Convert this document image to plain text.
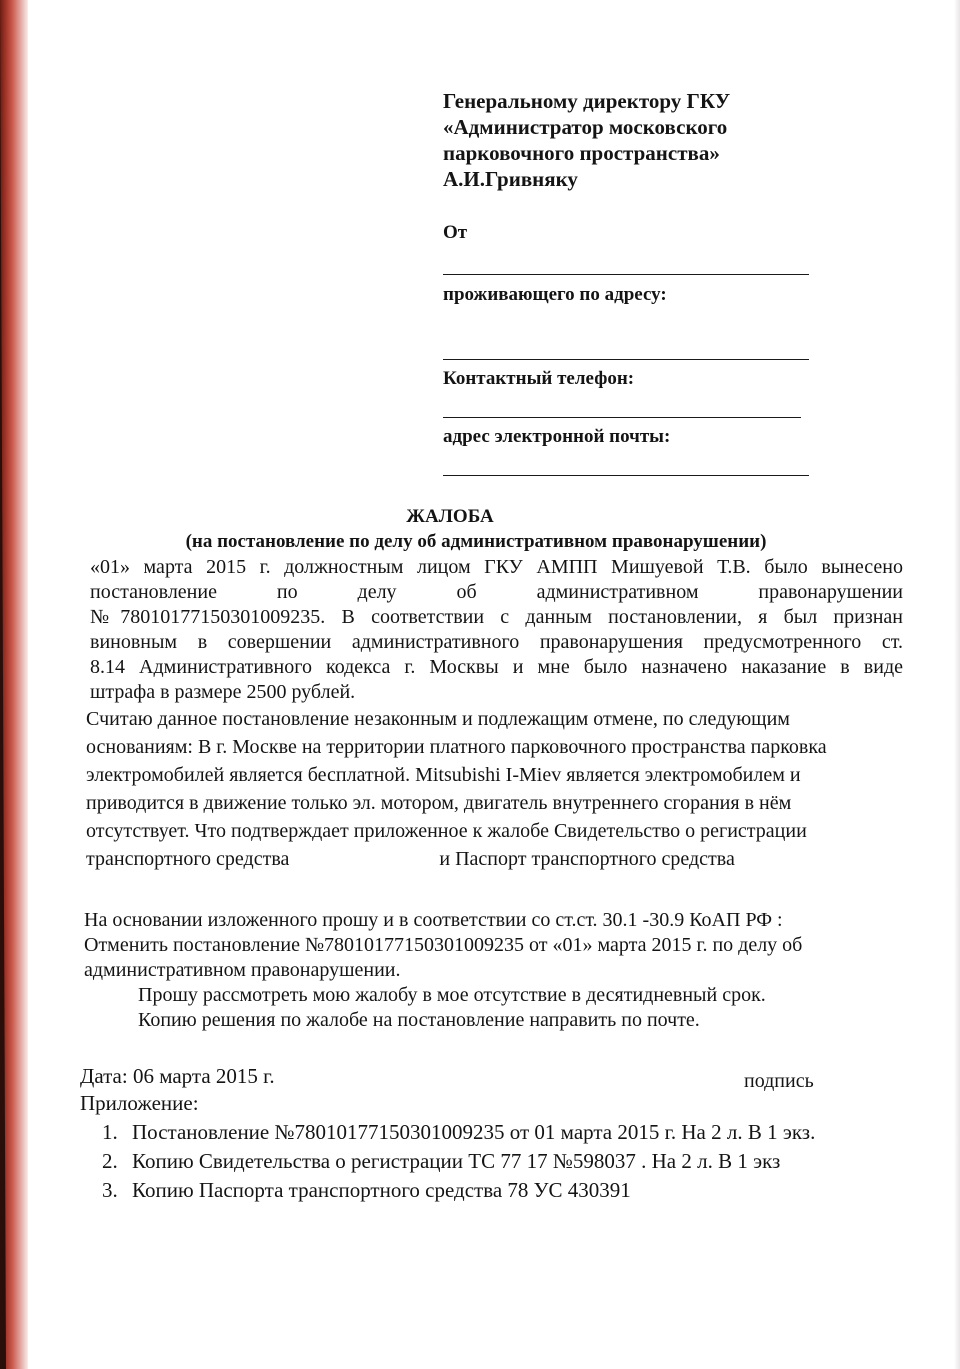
Генеральному директору ГКУ
«Администратор московского
парковочного пространства»
А.И.Гривняку
От
проживающего по адресу:
Контактный телефон:
адрес электронной почты:
ЖАЛОБА
(на постановление по делу об административном правонарушении)
«01» марта 2015 г. должностным лицом ГКУ АМПП Мишуевой Т.В. было вынесено
постановление по делу об административном правонарушении
№78010177150301009235. В соответствии с данным постановлении, я был признан
виновным в совершении административного правонарушения предусмотренного ст.
8.14 Административного кодекса г. Москвы и мне было назначено наказание в виде
штрафа в размере 2500 рублей.
Считаю данное постановление незаконным и подлежащим отмене, по следующим
основаниям: В г. Москве на территории платного парковочного пространства парковка
электромобилей является бесплатной. Mitsubishi I-Miev является электромобилем и
приводится в движение только эл. мотором, двигатель внутреннего сгорания в нём
отсутствует. Что подтверждает приложенное к жалобе Свидетельство о регистрации
транспортного средства	и Паспорт транспортного средства
На основании изложенного прошу и в соответствии со ст.ст. 30.1 -30.9 КоАП РФ :
Отменить постановление №78010177150301009235 от «01» марта 2015 г. по делу об
административном правонарушении.
Прошу рассмотреть мою жалобу в мое отсутствие в десятидневный срок.
Копию решения по жалобе на постановление направить по почте.
Дата: 06 марта 2015 г.	подпись
Приложение:
1. Постановление №78010177150301009235 от 01 марта 2015 г. На 2 л. В 1 экз.
2. Копию Свидетельства о регистрации ТС 77 17 №598037 . На 2 л. В 1 экз
3. Копию Паспорта транспортного средства 78 УС 430391
